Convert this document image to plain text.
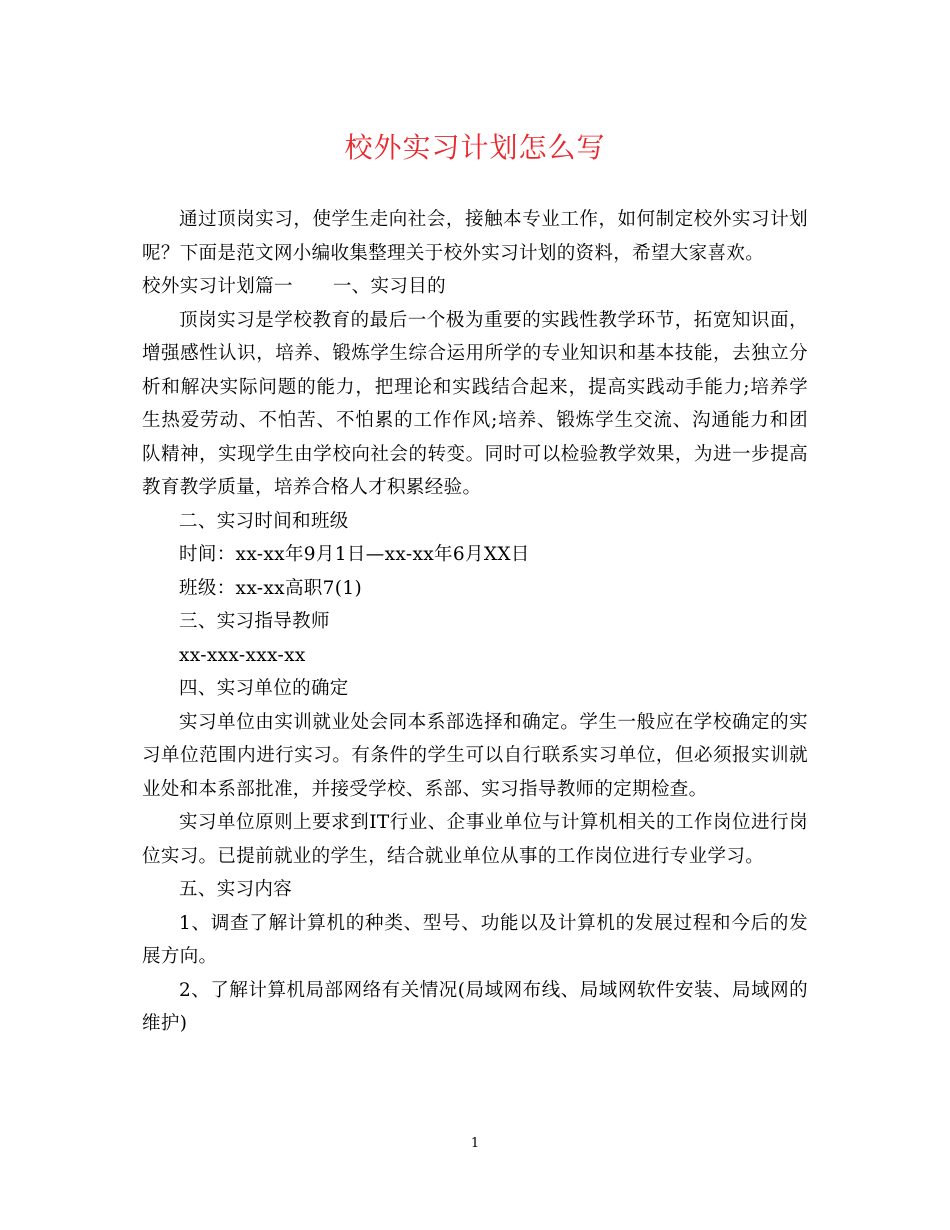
校外实习计划怎么写

通过顶岗实习，使学生走向社会，接触本专业工作，如何制定校外实习计划呢？下面是范文网小编收集整理关于校外实习计划的资料，希望大家喜欢。

校外实习计划篇一 一、实习目的

顶岗实习是学校教育的最后一个极为重要的实践性教学环节，拓宽知识面，增强感性认识，培养、锻炼学生综合运用所学的专业知识和基本技能，去独立分析和解决实际问题的能力，把理论和实践结合起来，提高实践动手能力;培养学生热爱劳动、不怕苦、不怕累的工作作风;培养、锻炼学生交流、沟通能力和团队精神，实现学生由学校向社会的转变。同时可以检验教学效果，为进一步提高教育教学质量，培养合格人才积累经验。

二、实习时间和班级

时间：xx-xx年9月1日—xx-xx年6月XX日

班级：xx-xx高职7(1)

三、实习指导教师

xx-xxx-xxx-xx

四、实习单位的确定

实习单位由实训就业处会同本系部选择和确定。学生一般应在学校确定的实习单位范围内进行实习。有条件的学生可以自行联系实习单位，但必须报实训就业处和本系部批准，并接受学校、系部、实习指导教师的定期检查。

实习单位原则上要求到IT行业、企事业单位与计算机相关的工作岗位进行岗位实习。已提前就业的学生，结合就业单位从事的工作岗位进行专业学习。

五、实习内容

1、调查了解计算机的种类、型号、功能以及计算机的发展过程和今后的发展方向。

2、了解计算机局部网络有关情况(局域网布线、局域网软件安装、局域网的维护)

1
